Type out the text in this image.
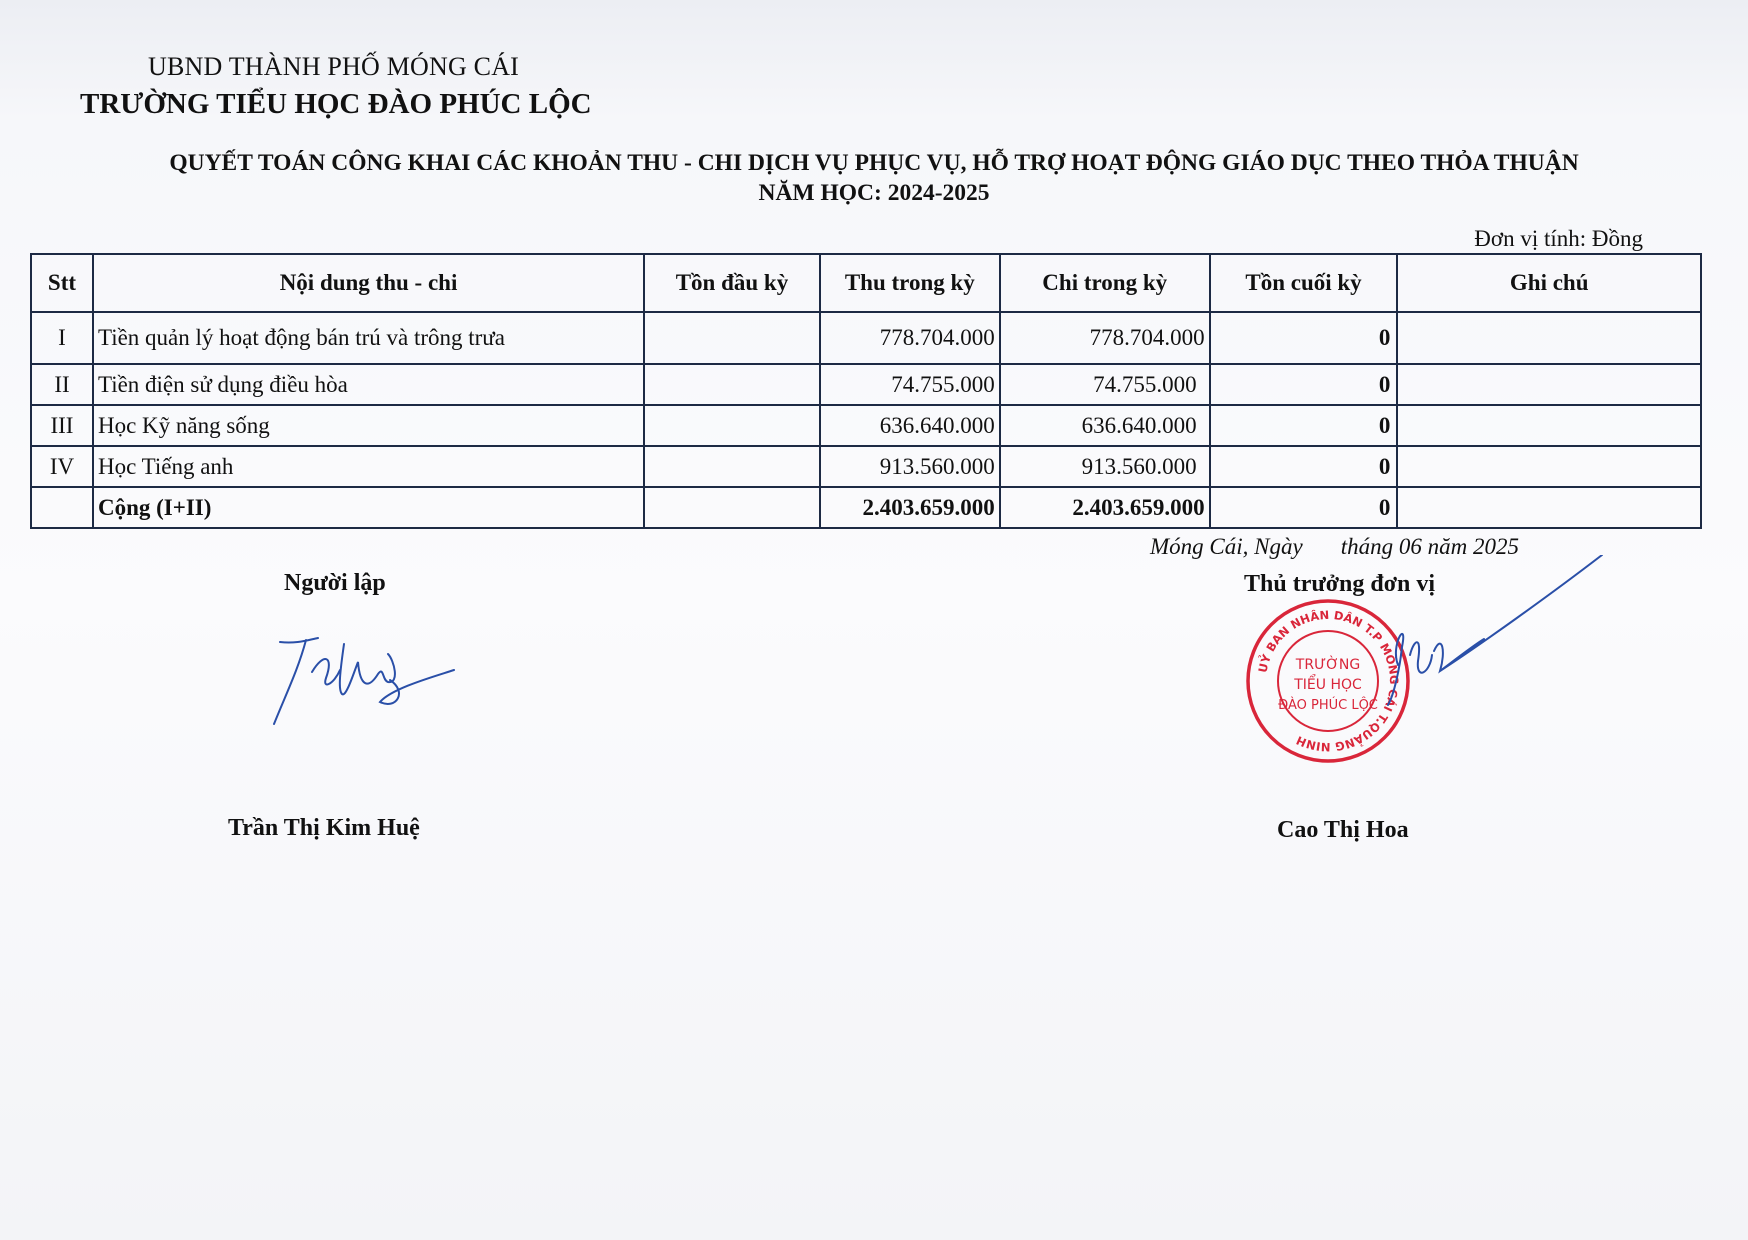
UBND THÀNH PHỐ MÓNG CÁI
TRƯỜNG TIỂU HỌC ĐÀO PHÚC LỘC
QUYẾT TOÁN CÔNG KHAI CÁC KHOẢN THU - CHI DỊCH VỤ PHỤC VỤ, HỖ TRỢ HOẠT ĐỘNG GIÁO DỤC THEO THỎA THUẬN
NĂM HỌC: 2024-2025
Đơn vị tính: Đồng
Stt	Nội dung thu - chi	Tồn đầu kỳ	Thu trong kỳ	Chi trong kỳ	Tồn cuối kỳ	Ghi chú
I	Tiền quản lý hoạt động bán trú và trông trưa		778.704.000	778.704.000	0	
II	Tiền điện sử dụng điều hòa		74.755.000	74.755.000	0	
III	Học Kỹ năng sống		636.640.000	636.640.000	0	
IV	Học Tiếng anh		913.560.000	913.560.000	0	
	Cộng (I+II)		2.403.659.000	2.403.659.000	0	
Móng Cái, Ngày tháng 06 năm 2025
Người lập	Thủ trưởng đơn vị
UỶ BAN NHÂN DÂN T.P MÓNG CÁI T.QUẢNG NINH
TRƯỜNG
TIỂU HỌC
ĐÀO PHÚC LỘC
Trần Thị Kim Huệ	Cao Thị Hoa
